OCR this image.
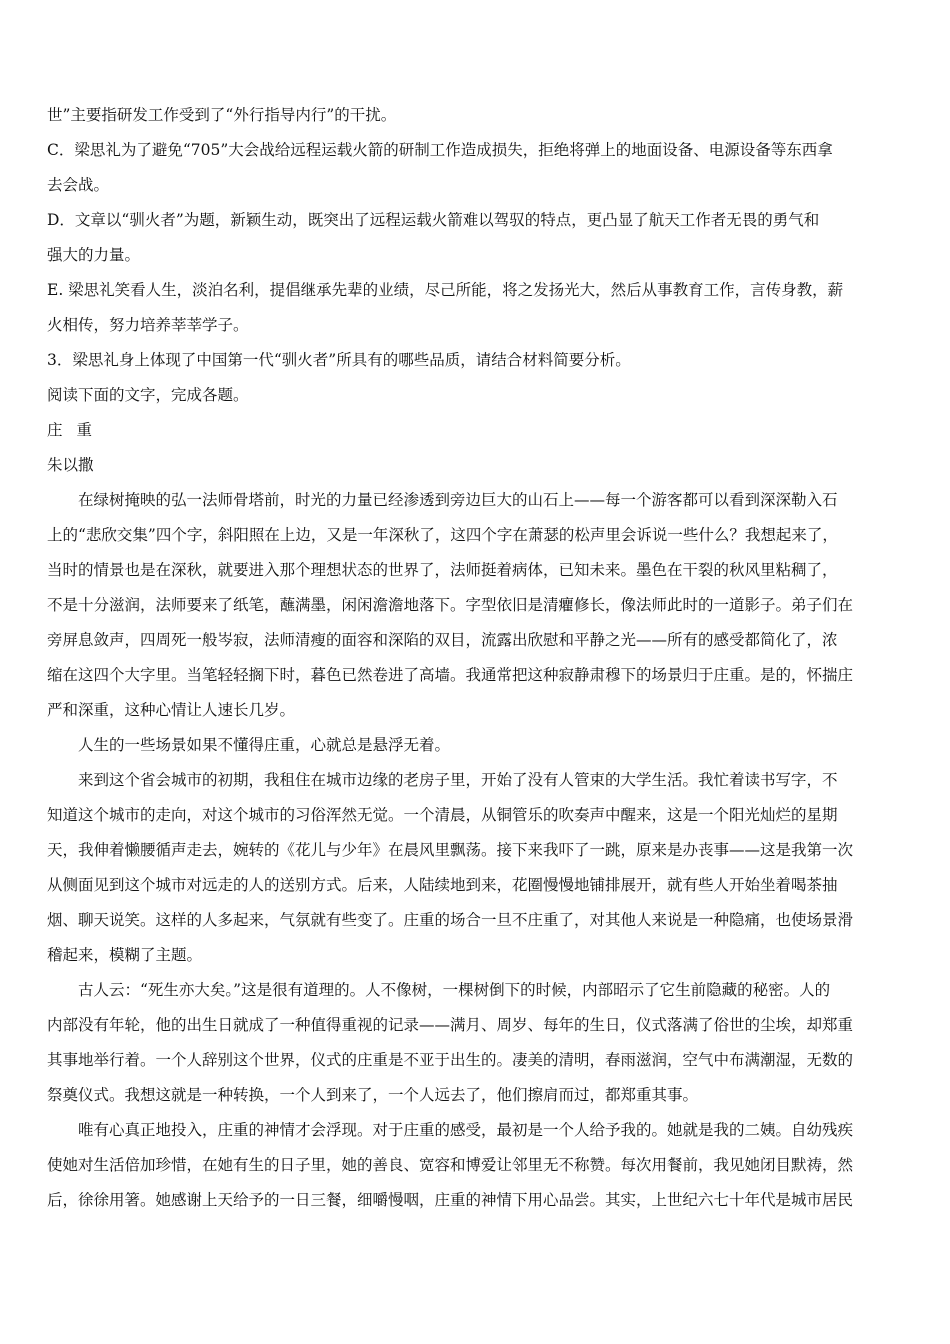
世”主要指研发工作受到了“外行指导内行”的干扰。
C．梁思礼为了避免“705”大会战给远程运载火箭的研制工作造成损失，拒绝将弹上的地面设备、电源设备等东西拿
去会战。
D．文章以“驯火者”为题，新颖生动，既突出了远程运载火箭难以驾驭的特点，更凸显了航天工作者无畏的勇气和
强大的力量。
E. 梁思礼笑看人生，淡泊名利，提倡继承先辈的业绩，尽己所能，将之发扬光大，然后从事教育工作，言传身教，薪
火相传，努力培养莘莘学子。
3．梁思礼身上体现了中国第一代“驯火者”所具有的哪些品质，请结合材料简要分析。
阅读下面的文字，完成各题。
庄重
朱以撒
在绿树掩映的弘一法师骨塔前，时光的力量已经渗透到旁边巨大的山石上——每一个游客都可以看到深深勒入石
上的“悲欣交集”四个字，斜阳照在上边，又是一年深秋了，这四个字在萧瑟的松声里会诉说一些什么？我想起来了，
当时的情景也是在深秋，就要进入那个理想状态的世界了，法师挺着病体，已知未来。墨色在干裂的秋风里粘稠了，
不是十分滋润，法师要来了纸笔，蘸满墨，闲闲澹澹地落下。字型依旧是清癯修长，像法师此时的一道影子。弟子们在
旁屏息敛声，四周死一般岑寂，法师清瘦的面容和深陷的双目，流露出欣慰和平静之光——所有的感受都简化了，浓
缩在这四个大字里。当笔轻轻搁下时，暮色已然卷进了高墙。我通常把这种寂静肃穆下的场景归于庄重。是的，怀揣庄
严和深重，这种心情让人速长几岁。
人生的一些场景如果不懂得庄重，心就总是悬浮无着。
来到这个省会城市的初期，我租住在城市边缘的老房子里，开始了没有人管束的大学生活。我忙着读书写字，不
知道这个城市的走向，对这个城市的习俗浑然无觉。一个清晨，从铜管乐的吹奏声中醒来，这是一个阳光灿烂的星期
天，我伸着懒腰循声走去，婉转的《花儿与少年》在晨风里飘荡。接下来我吓了一跳，原来是办丧事——这是我第一次
从侧面见到这个城市对远走的人的送别方式。后来，人陆续地到来，花圈慢慢地铺排展开，就有些人开始坐着喝茶抽
烟、聊天说笑。这样的人多起来，气氛就有些变了。庄重的场合一旦不庄重了，对其他人来说是一种隐痛，也使场景滑
稽起来，模糊了主题。
古人云：“死生亦大矣。”这是很有道理的。人不像树，一棵树倒下的时候，内部昭示了它生前隐藏的秘密。人的
内部没有年轮，他的出生日就成了一种值得重视的记录——满月、周岁、每年的生日，仪式落满了俗世的尘埃，却郑重
其事地举行着。一个人辞别这个世界，仪式的庄重是不亚于出生的。凄美的清明，春雨滋润，空气中布满潮湿，无数的
祭奠仪式。我想这就是一种转换，一个人到来了，一个人远去了，他们擦肩而过，都郑重其事。
唯有心真正地投入，庄重的神情才会浮现。对于庄重的感受，最初是一个人给予我的。她就是我的二姨。自幼残疾
使她对生活倍加珍惜，在她有生的日子里，她的善良、宽容和博爱让邻里无不称赞。每次用餐前，我见她闭目默祷，然
后，徐徐用箸。她感谢上天给予的一日三餐，细嚼慢咽，庄重的神情下用心品尝。其实，上世纪六七十年代是城市居民
